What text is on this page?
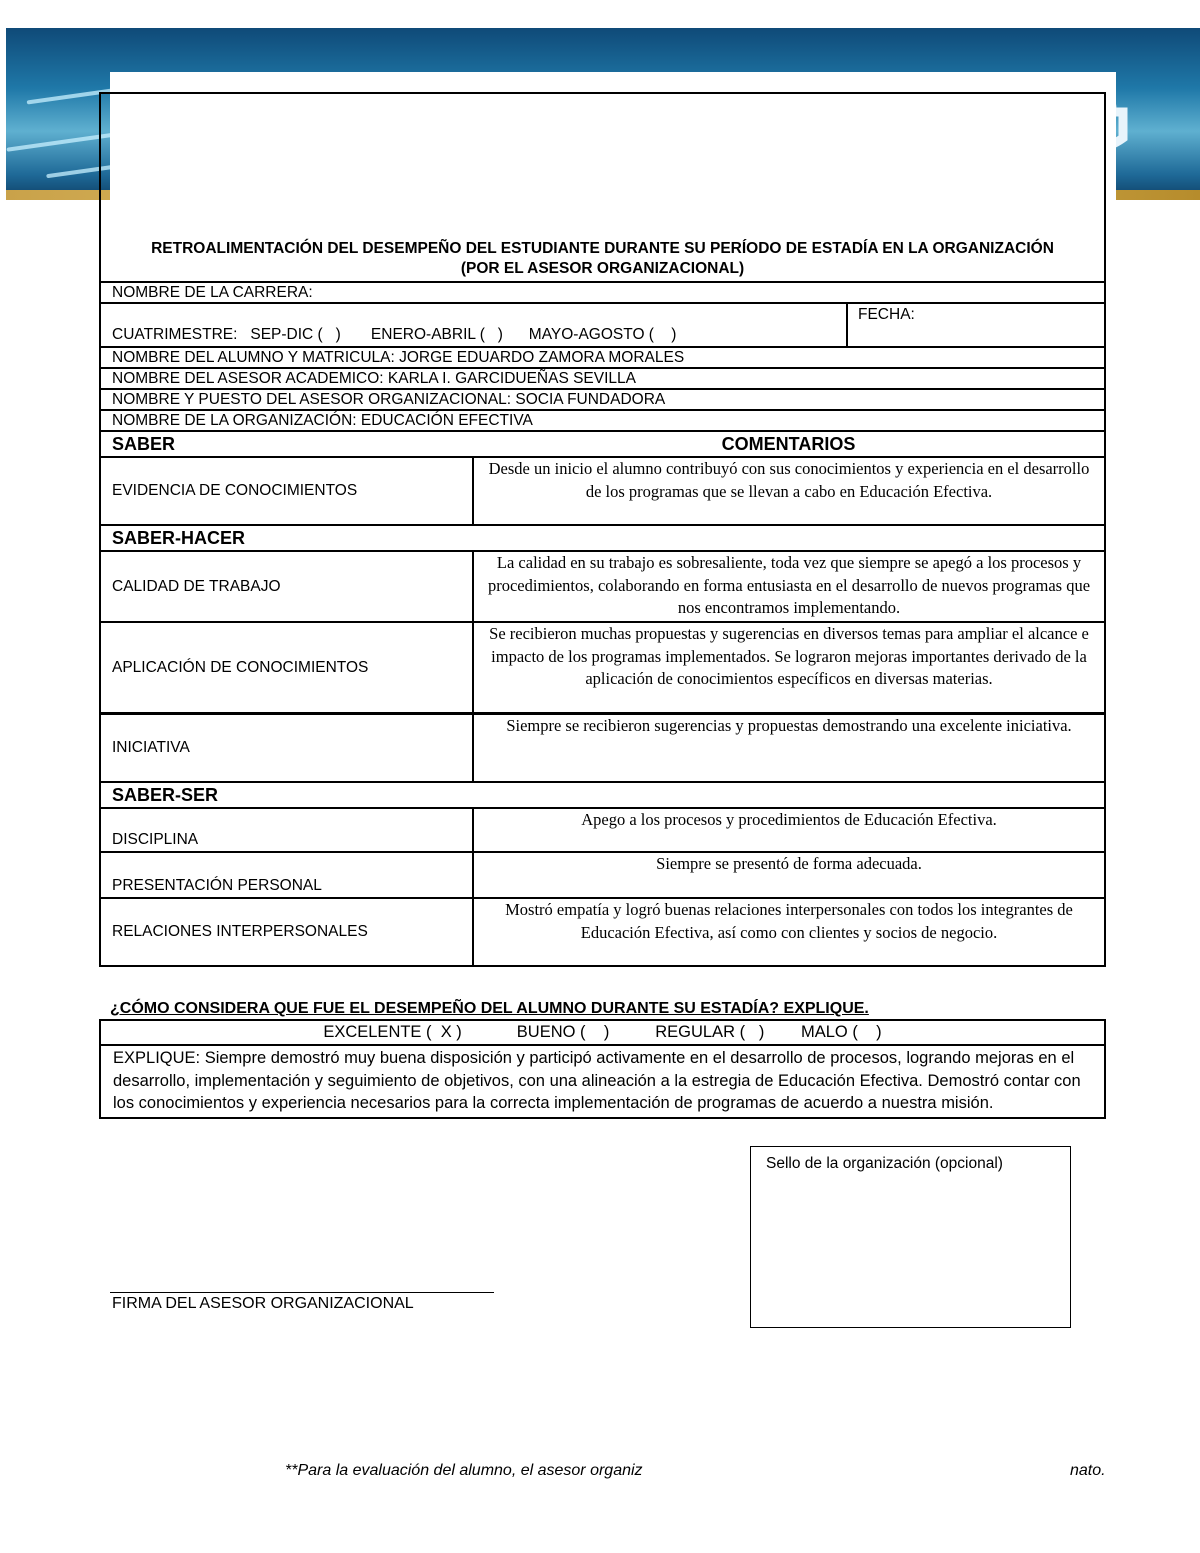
RETROALIMENTACIÓN DEL DESEMPEÑO DEL ESTUDIANTE DURANTE SU PERÍODO DE ESTADÍA EN LA ORGANIZACIÓN
(POR EL ASESOR ORGANIZACIONAL)
NOMBRE DE LA CARRERA:
CUATRIMESTRE:   SEP-DIC (   )       ENERO-ABRIL (   )      MAYO-AGOSTO (    )
FECHA:
NOMBRE DEL ALUMNO Y MATRICULA: JORGE EDUARDO ZAMORA MORALES
NOMBRE DEL ASESOR ACADEMICO: KARLA I. GARCIDUEÑAS SEVILLA
NOMBRE Y PUESTO DEL ASESOR ORGANIZACIONAL: SOCIA FUNDADORA
NOMBRE DE LA ORGANIZACIÓN: EDUCACIÓN EFECTIVA
SABER	COMENTARIOS
EVIDENCIA DE CONOCIMIENTOS
Desde un inicio el alumno contribuyó con sus conocimientos y experiencia en el desarrollo de los programas que se llevan a cabo en Educación Efectiva.
SABER-HACER
CALIDAD DE TRABAJO
La calidad en su trabajo es sobresaliente, toda vez que siempre se apegó a los procesos y procedimientos, colaborando en forma entusiasta en el desarrollo de nuevos programas que nos encontramos implementando.
APLICACIÓN DE CONOCIMIENTOS
Se recibieron muchas propuestas y sugerencias en diversos temas para ampliar el alcance e impacto de los programas implementados. Se lograron mejoras importantes derivado de la aplicación de conocimientos específicos en diversas materias.
INICIATIVA
Siempre se recibieron sugerencias y propuestas demostrando una excelente iniciativa.
SABER-SER
DISCIPLINA
Apego a los procesos y procedimientos de Educación Efectiva.
PRESENTACIÓN PERSONAL
Siempre se presentó de forma adecuada.
RELACIONES INTERPERSONALES
Mostró empatía y logró buenas relaciones interpersonales con todos los integrantes de Educación Efectiva, así como con clientes y socios de negocio.
¿CÓMO CONSIDERA QUE FUE EL DESEMPEÑO DEL ALUMNO DURANTE SU ESTADÍA? EXPLIQUE.
EXCELENTE (  X )            BUENO (    )          REGULAR (   )        MALO (    )
EXPLIQUE: Siempre demostró muy buena disposición y participó activamente en el desarrollo de procesos, logrando mejoras en el desarrollo, implementación y seguimiento de objetivos, con una alineación a la estregia de Educación Efectiva. Demostró contar con los conocimientos y experiencia necesarios para la correcta implementación de programas de acuerdo a nuestra misión.
Sello de la organización (opcional)
FIRMA DEL ASESOR ORGANIZACIONAL
**Para la evaluación del alumno, el asesor organiz	nato.
